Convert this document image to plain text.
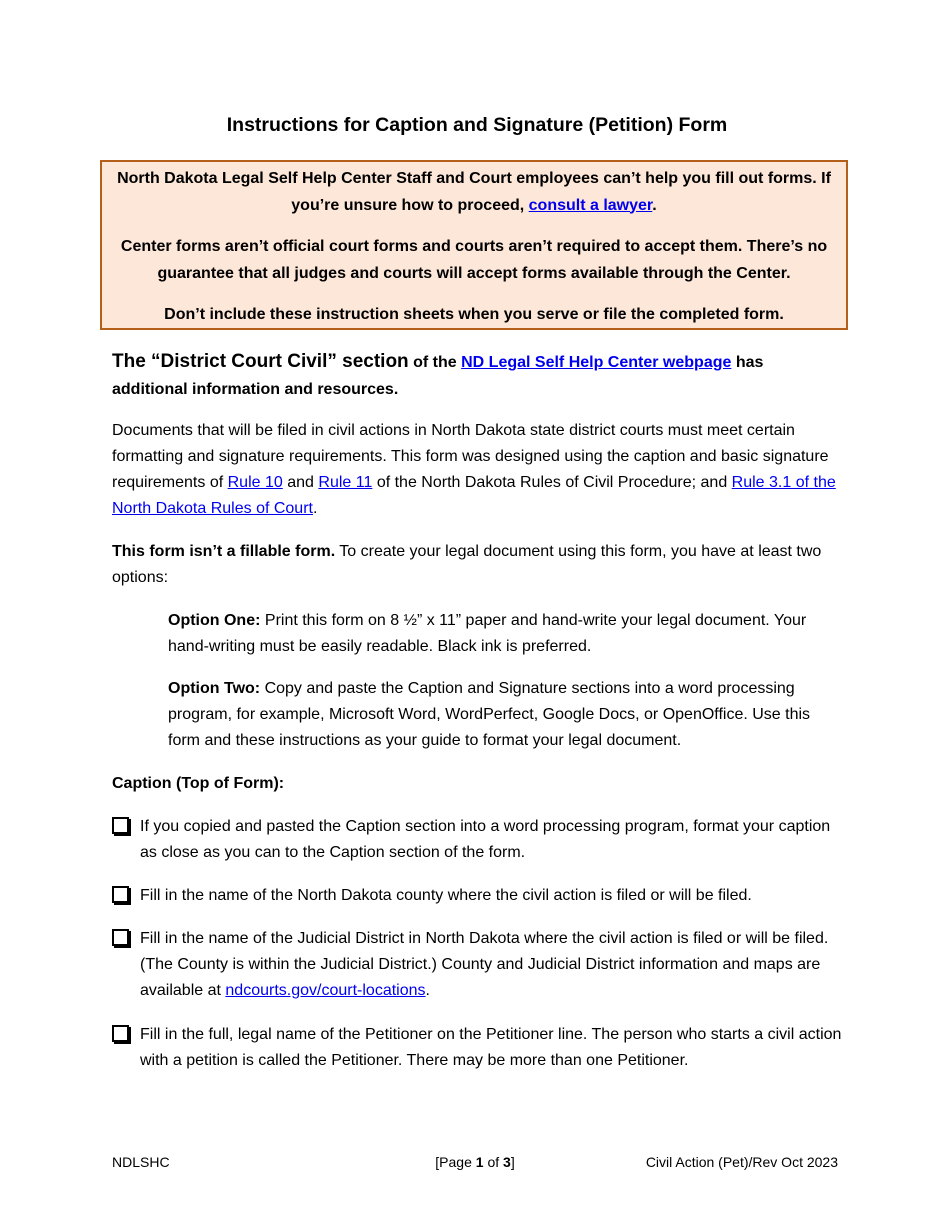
Instructions for Caption and Signature (Petition) Form

North Dakota Legal Self Help Center Staff and Court employees can’t help you fill out forms. If you’re unsure how to proceed, consult a lawyer.

Center forms aren’t official court forms and courts aren’t required to accept them. There’s no guarantee that all judges and courts will accept forms available through the Center.

Don’t include these instruction sheets when you serve or file the completed form.

The “District Court Civil” section of the ND Legal Self Help Center webpage has additional information and resources.

Documents that will be filed in civil actions in North Dakota state district courts must meet certain formatting and signature requirements. This form was designed using the caption and basic signature requirements of Rule 10 and Rule 11 of the North Dakota Rules of Civil Procedure; and Rule 3.1 of the North Dakota Rules of Court.

This form isn’t a fillable form. To create your legal document using this form, you have at least two options:

Option One: Print this form on 8 ½” x 11” paper and hand-write your legal document. Your hand-writing must be easily readable. Black ink is preferred.

Option Two: Copy and paste the Caption and Signature sections into a word processing program, for example, Microsoft Word, WordPerfect, Google Docs, or OpenOffice. Use this form and these instructions as your guide to format your legal document.

Caption (Top of Form):

If you copied and pasted the Caption section into a word processing program, format your caption as close as you can to the Caption section of the form.
Fill in the name of the North Dakota county where the civil action is filed or will be filed.
Fill in the name of the Judicial District in North Dakota where the civil action is filed or will be filed. (The County is within the Judicial District.) County and Judicial District information and maps are available at ndcourts.gov/court-locations.
Fill in the full, legal name of the Petitioner on the Petitioner line. The person who starts a civil action with a petition is called the Petitioner. There may be more than one Petitioner.
NDLSHC	[Page 1 of 3]	Civil Action (Pet)/Rev Oct 2023
